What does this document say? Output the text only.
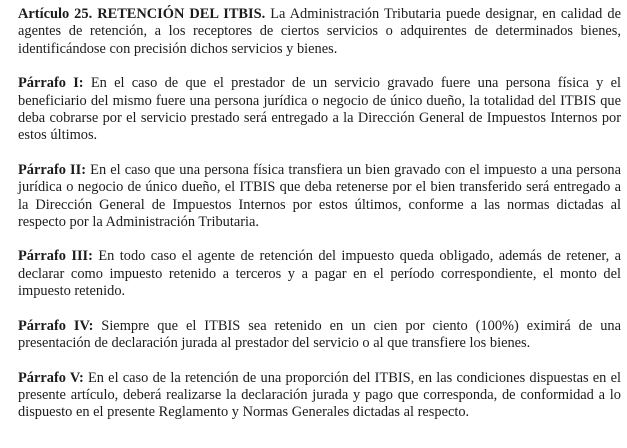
Artículo 25. RETENCIÓN DEL ITBIS. La Administración Tributaria puede designar, en calidad de agentes de retención, a los receptores de ciertos servicios o adquirentes de determinados bienes, identificándose con precisión dichos servicios y bienes.

Párrafo I: En el caso de que el prestador de un servicio gravado fuere una persona física y el beneficiario del mismo fuere una persona jurídica o negocio de único dueño, la totalidad del ITBIS que deba cobrarse por el servicio prestado será entregado a la Dirección General de Impuestos Internos por estos últimos.

Párrafo II: En el caso que una persona física transfiera un bien gravado con el impuesto a una persona jurídica o negocio de único dueño, el ITBIS que deba retenerse por el bien transferido será entregado a la Dirección General de Impuestos Internos por estos últimos, conforme a las normas dictadas al respecto por la Administración Tributaria.

Párrafo III: En todo caso el agente de retención del impuesto queda obligado, además de retener, a declarar como impuesto retenido a terceros y a pagar en el período correspondiente, el monto del impuesto retenido.

Párrafo IV: Siempre que el ITBIS sea retenido en un cien por ciento (100%) eximirá de una presentación de declaración jurada al prestador del servicio o al que transfiere los bienes.

Párrafo V: En el caso de la retención de una proporción del ITBIS, en las condiciones dispuestas en el presente artículo, deberá realizarse la declaración jurada y pago que corresponda, de conformidad a lo dispuesto en el presente Reglamento y Normas Generales dictadas al respecto.
